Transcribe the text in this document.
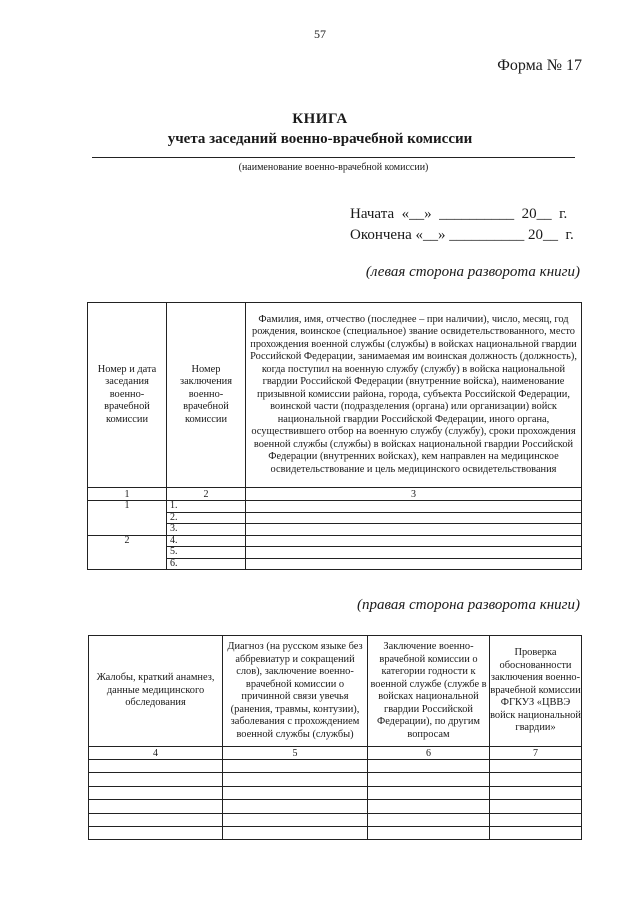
57
Форма № 17
КНИГА
учета заседаний военно-врачебной комиссии
(наименование военно-врачебной комиссии)
Начата  «__»  __________  20__  г.
Окончена «__» __________ 20__  г.
(левая сторона разворота книги)
Номер и дата заседания военно-врачебной комиссии	Номер заключения военно-врачебной комиссии	Фамилия, имя, отчество (последнее – при наличии), число, месяц, год рождения, воинское (специальное) звание освидетельствованного, место прохождения военной службы (службы) в войсках национальной гвардии Российской Федерации, занимаемая им воинская должность (должность), когда поступил на военную службу (службу) в войска национальной гвардии Российской Федерации (внутренние войска), наименование призывной комиссии района, города, субъекта Российской Федерации, воинской части (подразделения (органа) или организации) войск национальной гвардии Российской Федерации, иного органа, осуществившего отбор на военную службу (службу), сроки прохождения военной службы (службы) в войсках национальной гвардии Российской Федерации (внутренних войсках), кем направлен на медицинское освидетельствование и цель медицинского освидетельствования
1	2	3
1	1.	
	2.	
	3.	
2	4.	
	5.	
	6.	
(правая сторона разворота книги)
Жалобы, краткий анамнез, данные медицинского обследования	Диагноз (на русском языке без аббревиатур и сокращений слов), заключение военно-врачебной комиссии о причинной связи увечья (ранения, травмы, контузии), заболевания с прохождением военной службы (службы)	Заключение военно-врачебной комиссии о категории годности к военной службе (службе в войсках национальной гвардии Российской Федерации), по другим вопросам	Проверка обоснованности заключения военно-врачебной комиссии ФГКУЗ «ЦВВЭ войск национальной гвардии»
4	5	6	7
